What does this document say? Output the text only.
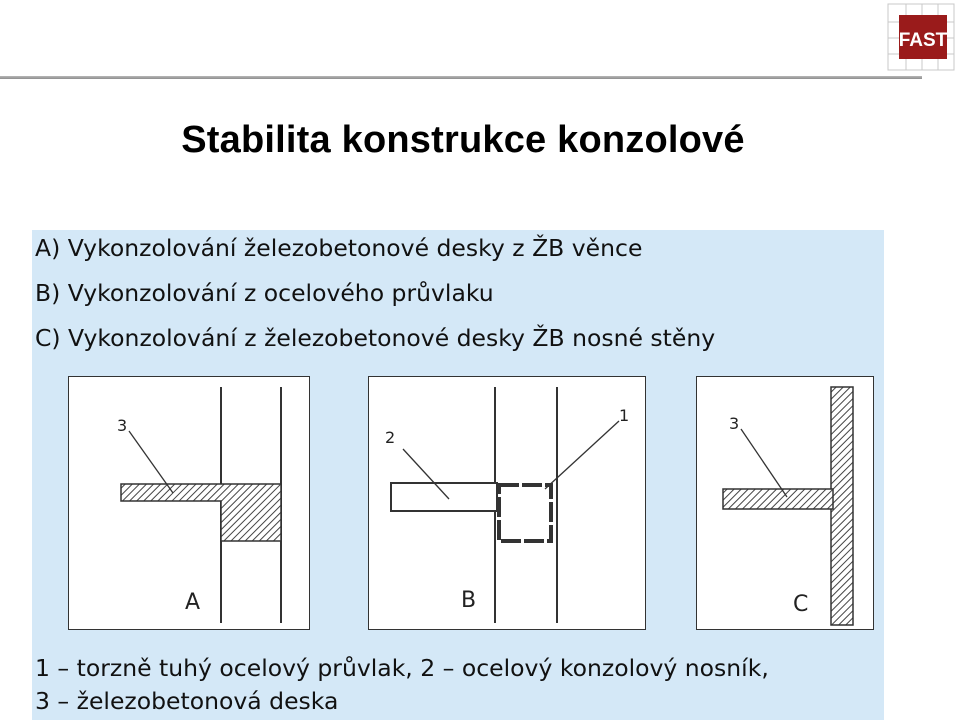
FAST
Stabilita konstrukce konzolové
A) Vykonzolování železobetonové desky z ŽB věnce
B) Vykonzolování z ocelového průvlaku
C) Vykonzolování z železobetonové desky ŽB nosné stěny
3
A
2
1
B
3
C
1 – torzně tuhý ocelový průvlak, 2 – ocelový konzolový nosník,
3 – železobetonová deska
